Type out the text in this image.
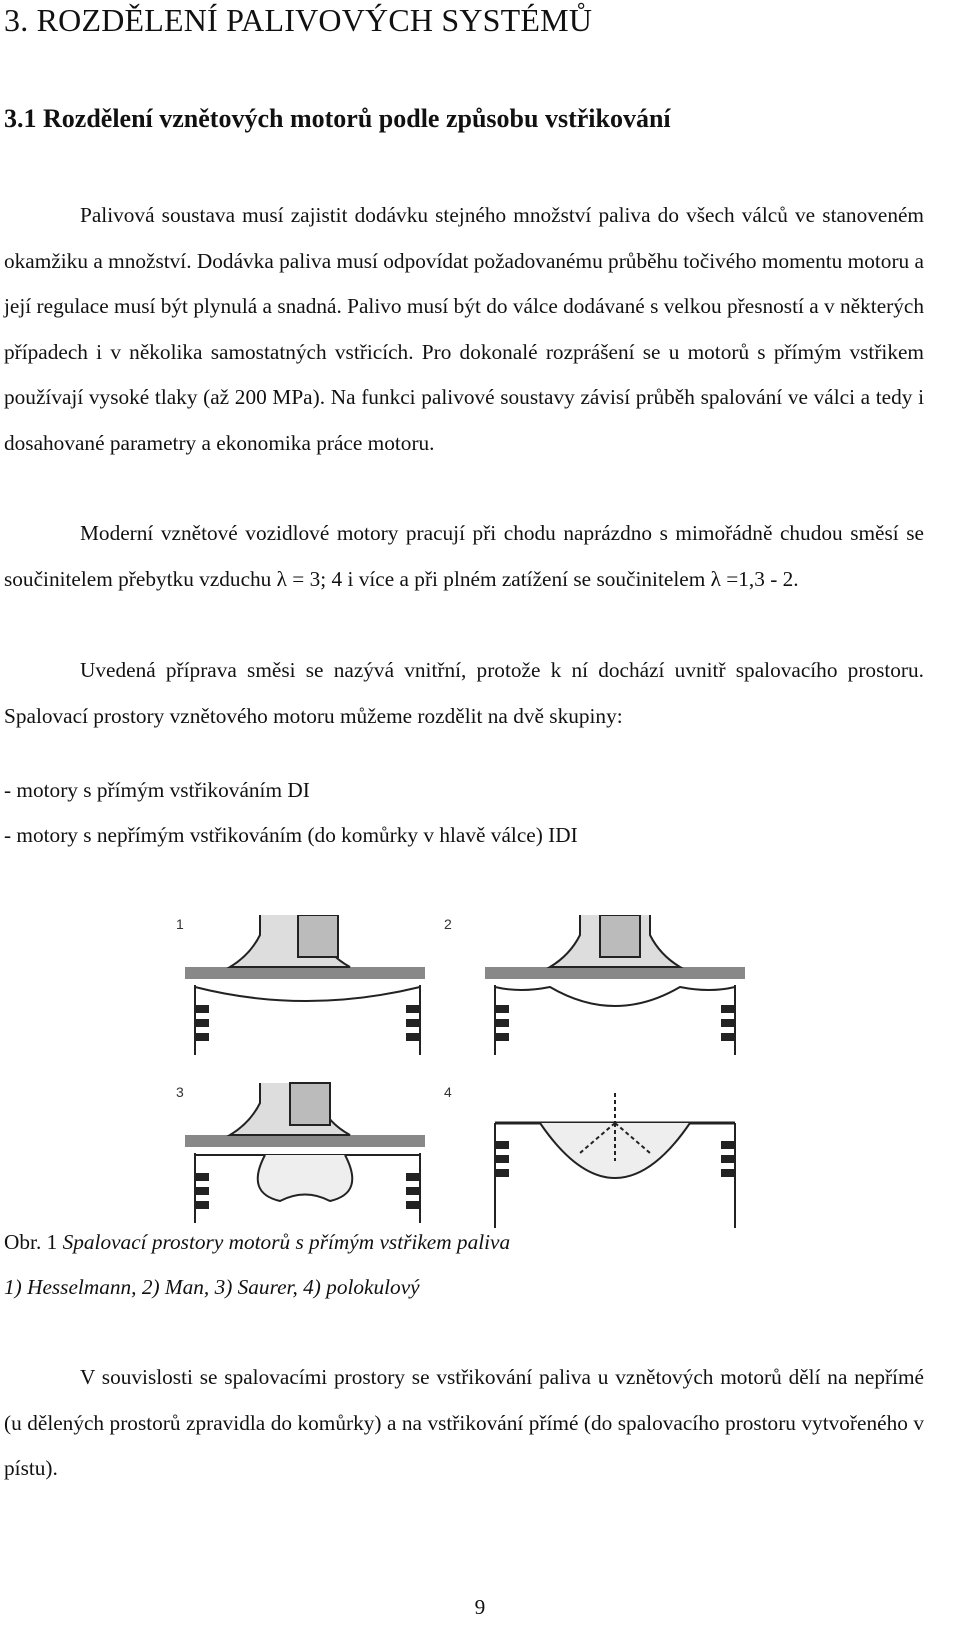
3. ROZDĚLENÍ PALIVOVÝCH SYSTÉMŮ
3.1 Rozdělení vznětových motorů podle způsobu vstřikování

Palivová soustava musí zajistit dodávku stejného množství paliva do všech válců ve stanoveném okamžiku a množství. Dodávka paliva musí odpovídat požadovanému průběhu točivého momentu motoru a její regulace musí být plynulá a snadná. Palivo musí být do válce dodávané s velkou přesností a v některých případech i v několika samostatných vstřicích. Pro dokonalé rozprášení se u motorů s přímým vstřikem používají vysoké tlaky (až 200 MPa). Na funkci palivové soustavy závisí průběh spalování ve válci a tedy i dosahované parametry a ekonomika práce motoru.

Moderní vznětové vozidlové motory pracují při chodu naprázdno s mimořádně chudou směsí se součinitelem přebytku vzduchu λ = 3; 4 i více a při plném zatížení se součinitelem λ =1,3 - 2.

Uvedená příprava směsi se nazývá vnitřní, protože k ní dochází uvnitř spalovacího prostoru. Spalovací prostory vznětového motoru můžeme rozdělit na dvě skupiny:

- motory s přímým vstřikováním DI

- motory s nepřímým vstřikováním (do komůrky v hlavě válce) IDI

1	2
3	4
Obr. 1 Spalovací prostory motorů s přímým vstřikem paliva
1) Hesselmann, 2) Man, 3) Saurer, 4) polokulový

V souvislosti se spalovacími prostory se vstřikování paliva u vznětových motorů dělí na nepřímé (u dělených prostorů zpravidla do komůrky) a na vstřikování přímé (do spalovacího prostoru vytvořeného v pístu).

9
